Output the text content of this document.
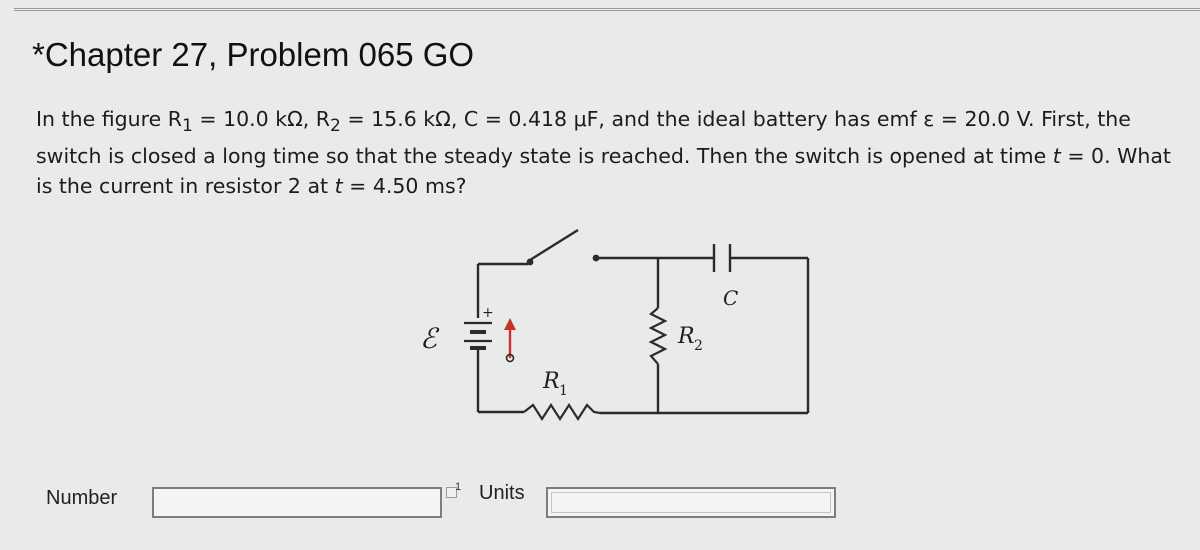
*Chapter 27, Problem 065 GO

In the figure $R_1 = 10.0$ kΩ, $R_2 = 15.6$ kΩ, C = 0.418 μF, and the ideal battery has emf ε = 20.0 V. First, the switch is closed a long time so that the steady state is reached. Then the switch is opened at time t = 0. What is the current in resistor 2 at t = 4.50 ms?

+
ℰ
R 1
R 2
C
Number	1 Units
